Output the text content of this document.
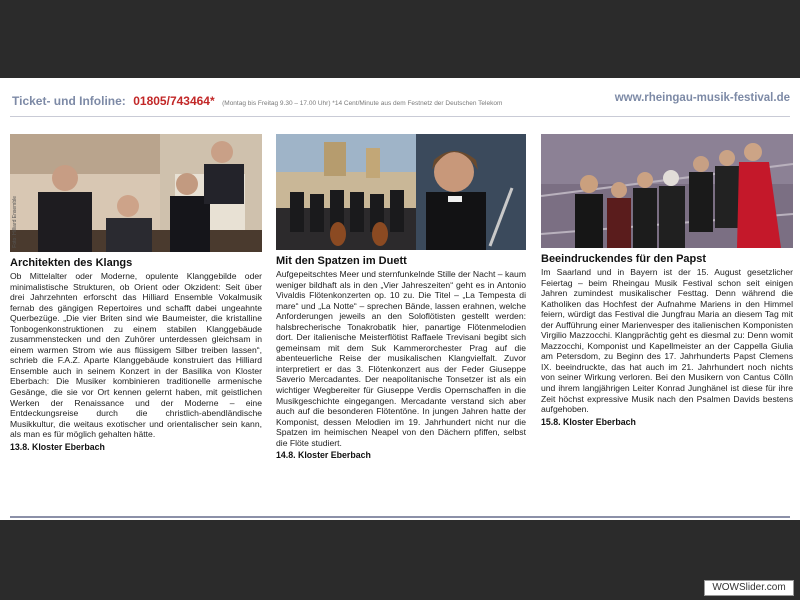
Ticket- und Infoline: 01805/743464* (Montag bis Freitag 9.30 – 17.00 Uhr) *14 Cent/Minute aus dem Festnetz der Deutschen Telekom	www.rheingau-musik-festival.de
Foto: Hilliard Ensemble
Architekten des Klangs

Ob Mittelalter oder Moderne, opulente Klanggebilde oder minimalistische Strukturen, ob Orient oder Okzident: Seit über drei Jahrzehnten erforscht das Hilliard Ensemble Vokalmusik fernab des gängigen Repertoires und schafft dabei ungeahnte Querbezüge. „Die vier Briten sind wie Baumeister, die kristalline Tonbogenkonstruktionen zu einem stabilen Klanggebäude zusammenstecken und den Zuhörer unterdessen gleichsam in einem warmen Strom wie aus flüssigem Silber treiben lassen“, schrieb die F.A.Z. Aparte Klanggebäude konstruiert das Hilliard Ensemble auch in seinem Konzert in der Basilika von Kloster Eberbach: Die Musiker kombinieren traditionelle armenische Gesänge, die sie vor Ort kennen gelernt haben, mit geistlichen Werken der Renaissance und der Moderne – eine Entdeckungsreise durch die christlich-abendländische Musikkultur, die weitaus exotischer und orientalischer sein kann, als man es für möglich gehalten hätte.

13.8. Kloster Eberbach
Mit den Spatzen im Duett

Aufgepeitschtes Meer und sternfunkelnde Stille der Nacht – kaum weniger bildhaft als in den „Vier Jahreszeiten“ geht es in Antonio Vivaldis Flötenkonzerten op. 10 zu. Die Titel – „La Tempesta di mare“ und „La Notte“ – sprechen Bände, lassen erahnen, welche Anforderungen jeweils an den Soloflötisten gestellt werden: halsbrecherische Tonakrobatik hier, panartige Flötenmelodien dort. Der italienische Meisterflötist Raffaele Trevisani begibt sich gemeinsam mit dem Suk Kammerorchester Prag auf die abenteuerliche Reise der musikalischen Klangvielfalt. Zuvor interpretiert er das 3. Flötenkonzert aus der Feder Giuseppe Saverio Mercadantes. Der neapolitanische Tonsetzer ist als ein wichtiger Wegbereiter für Giuseppe Verdis Opernschaffen in die Musikgeschichte eingegangen. Mercadante verstand sich aber auch auf die besonderen Flötentöne. In jungen Jahren hatte der Komponist, dessen Melodien im 19. Jahrhundert nicht nur die Spatzen im heimischen Neapel von den Dächern pfiffen, selbst die Flöte studiert.

14.8. Kloster Eberbach
Beeindruckendes für den Papst

Im Saarland und in Bayern ist der 15. August gesetzlicher Feiertag – beim Rheingau Musik Festival schon seit einigen Jahren zumindest musikalischer Festtag. Denn während die Katholiken das Hochfest der Aufnahme Mariens in den Himmel feiern, würdigt das Festival die Jungfrau Maria an diesem Tag mit der Aufführung einer Marienvesper des italienischen Komponisten Virgilio Mazzocchi. Klangprächtig geht es diesmal zu: Denn womit Mazzocchi, Komponist und Kapellmeister an der Cappella Giulia am Petersdom, zu Beginn des 17. Jahrhunderts Papst Clemens IX. beeindruckte, das hat auch im 21. Jahrhundert noch nichts von seiner Wirkung verloren. Bei den Musikern von Cantus Cölln und ihrem langjährigen Leiter Konrad Junghänel ist diese für ihre Zeit höchst expressive Musik nach den Psalmen Davids bestens aufgehoben.

15.8. Kloster Eberbach
WOWSlider.com
